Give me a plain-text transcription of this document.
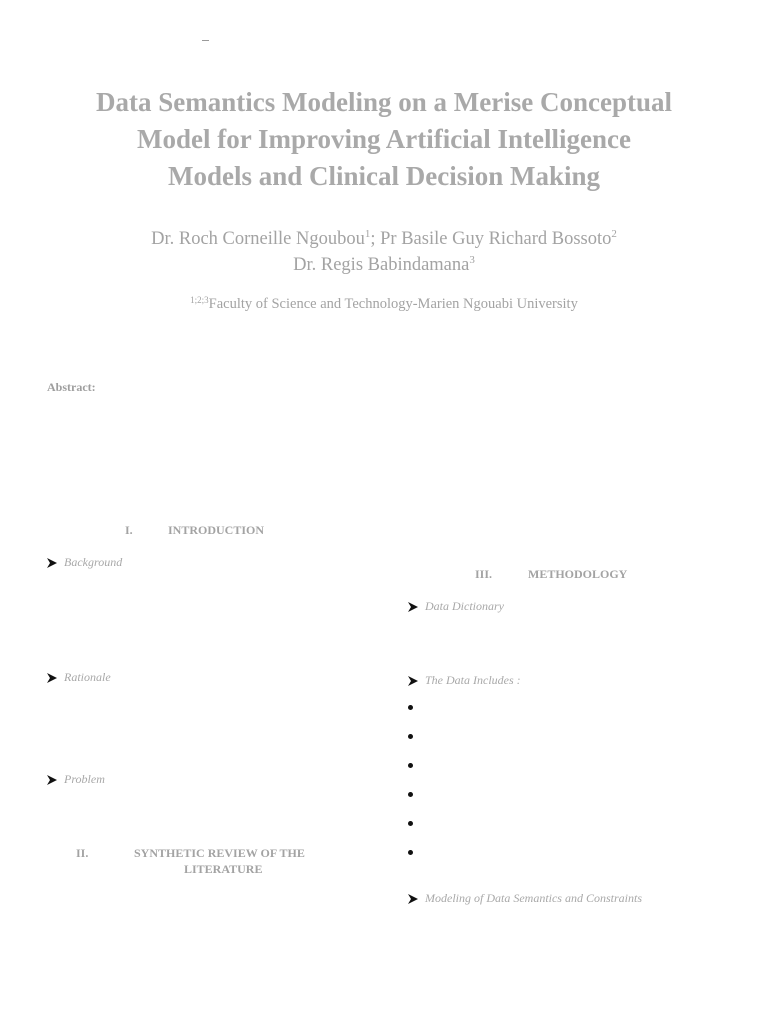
Data Semantics Modeling on a Merise Conceptual
Model for Improving Artificial Intelligence
Models and Clinical Decision Making
Dr. Roch Corneille Ngoubou$^1$; Pr Basile Guy Richard Bossoto$^2$
Dr. Regis Babindamana$^3$
$^{1;2;3}$Faculty of Science and Technology-Marien Ngouabi University
Abstract:
I.	INTRODUCTION
Background
Rationale
Problem
II.	SYNTHETIC REVIEW OF THE
LITERATURE
III.	METHODOLOGY
Data Dictionary
The Data Includes :
Modeling of Data Semantics and Constraints
